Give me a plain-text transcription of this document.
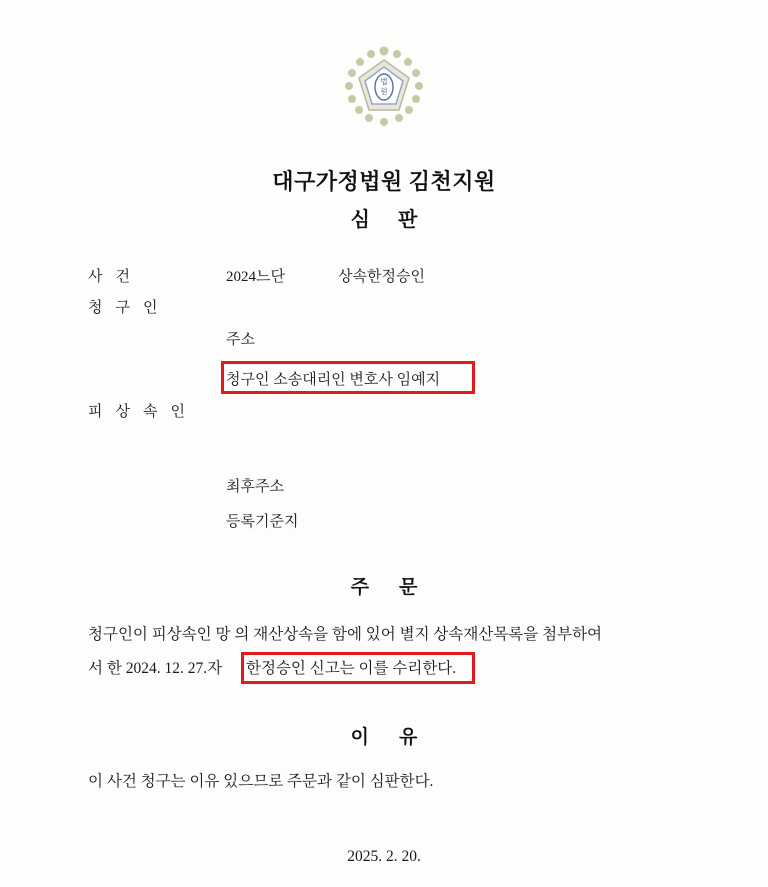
법
원
대구가정법원 김천지원
심판
사건	2024느단	상속한정승인
청구인
주소
청구인 소송대리인 변호사 임예지
피상속인
최후주소
등록기준지
주문
청구인이 피상속인 망 의 재산상속을 함에 있어 별지 상속재산목록을 첨부하여
서 한 2024. 12. 27.자 한정승인 신고는 이를 수리한다.
이유
이 사건 청구는 이유 있으므로 주문과 같이 심판한다.
2025. 2. 20.
